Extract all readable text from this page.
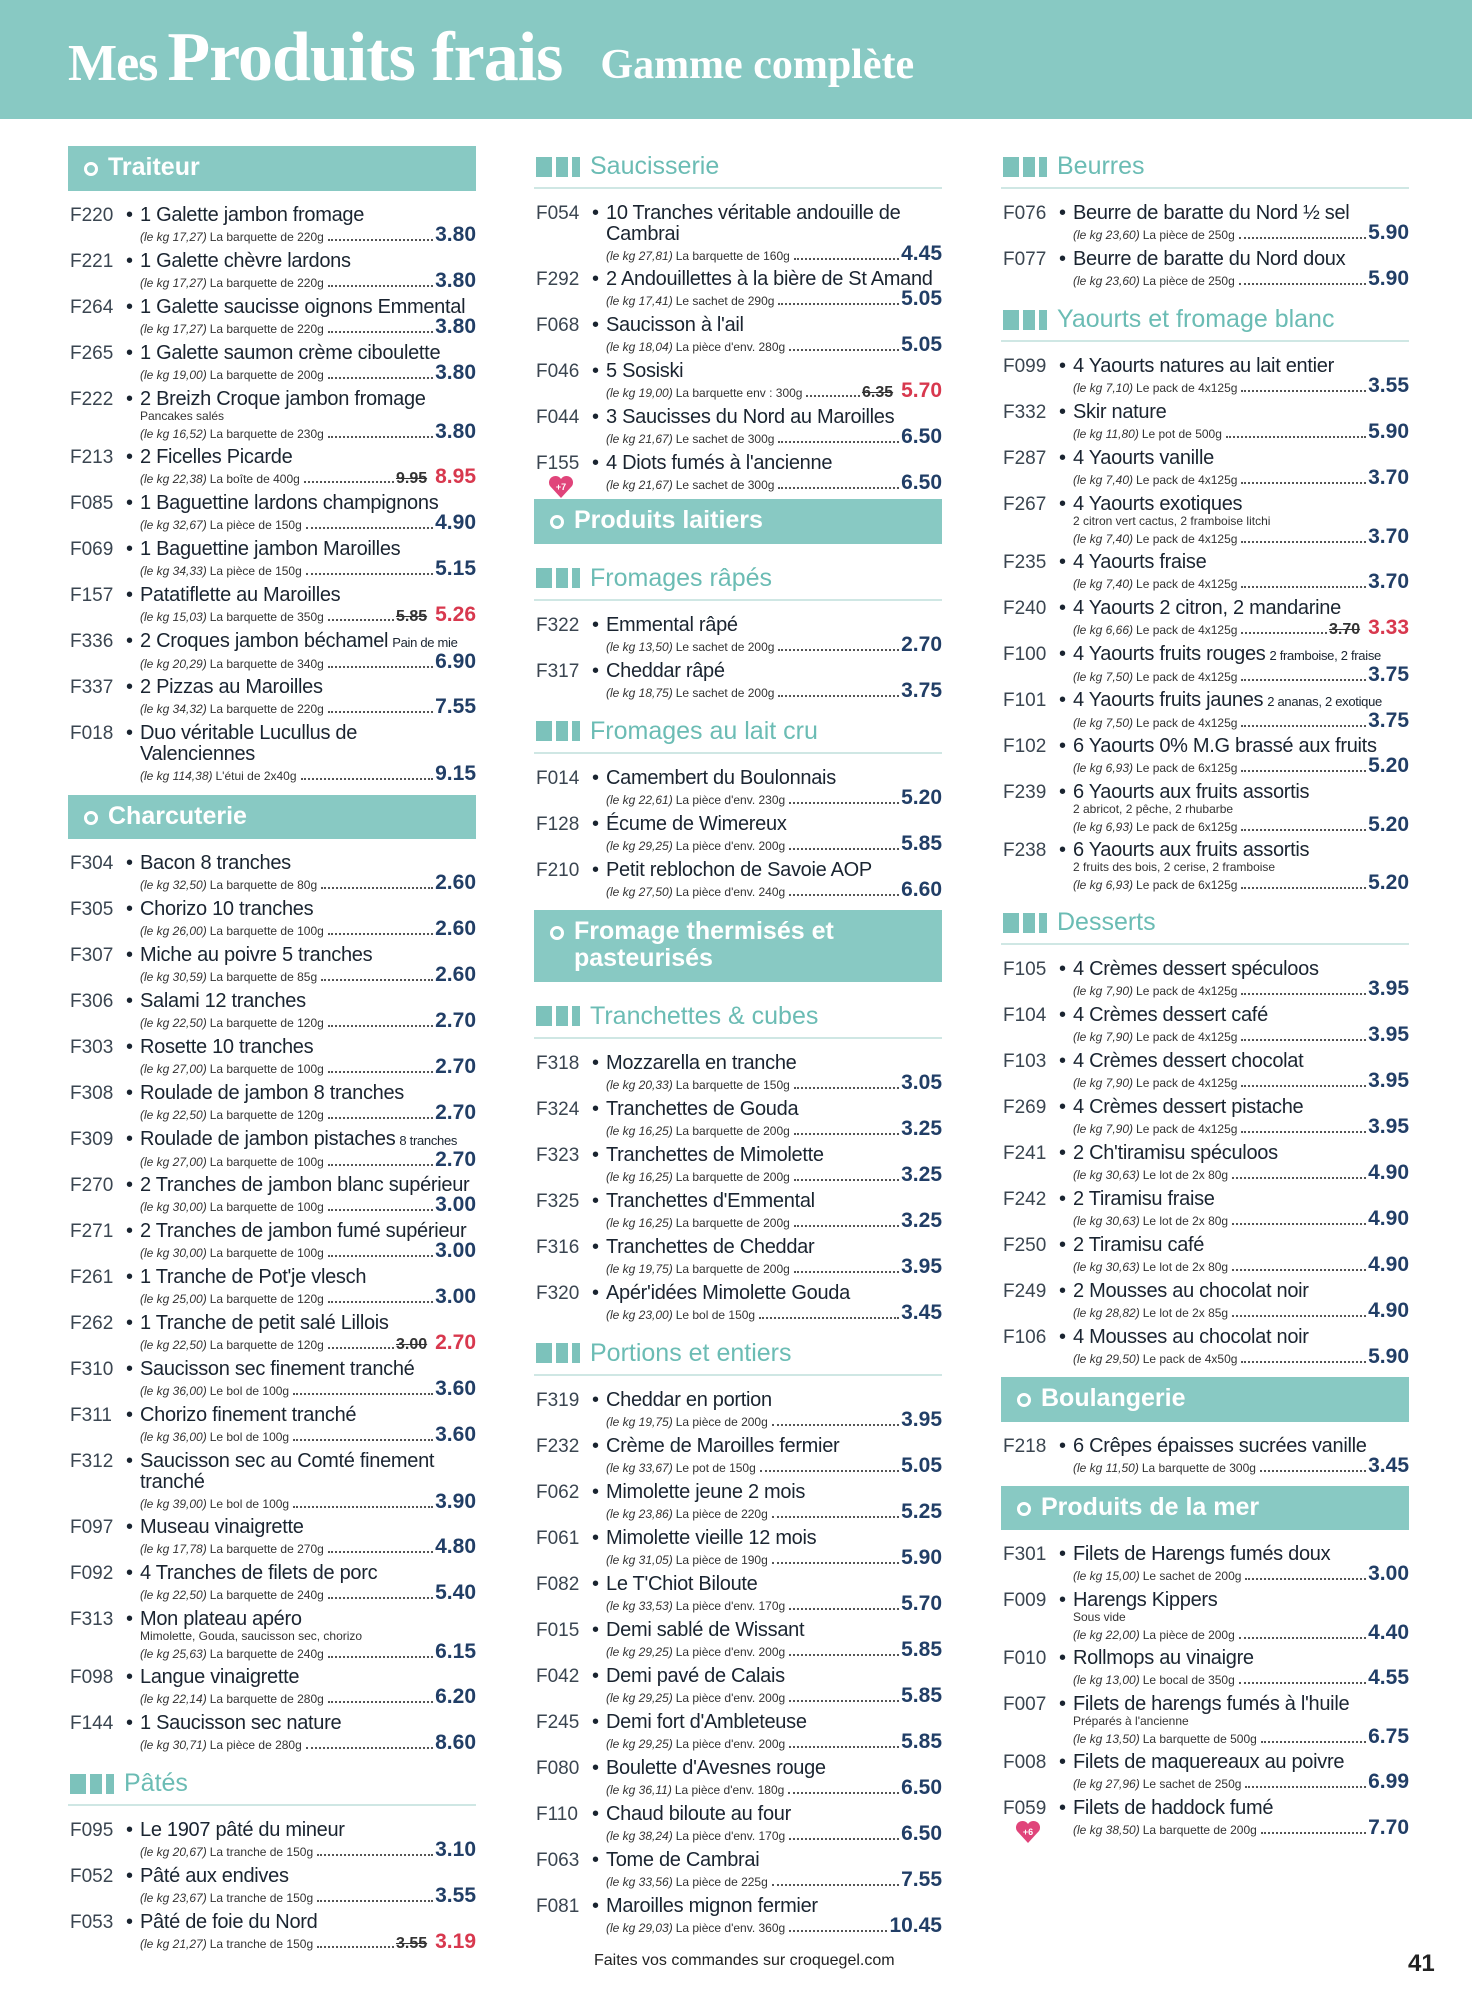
Mes Produits frais Gamme complète
Traiteur
F220 • 1 Galette jambon fromage
(le kg 17,27) La barquette de 220g	3.80
F221 • 1 Galette chèvre lardons
(le kg 17,27) La barquette de 220g	3.80
F264 • 1 Galette saucisse oignons Emmental
(le kg 17,27) La barquette de 220g	3.80
F265 • 1 Galette saumon crème ciboulette
(le kg 19,00) La barquette de 200g	3.80
F222 • 2 Breizh Croque jambon fromage
Pancakes salés
(le kg 16,52) La barquette de 230g	3.80
F213 • 2 Ficelles Picarde
(le kg 22,38) La boîte de 400g	9.95 8.95
F085 • 1 Baguettine lardons champignons
(le kg 32,67) La pièce de 150g	4.90
F069 • 1 Baguettine jambon Maroilles
(le kg 34,33) La pièce de 150g	5.15
F157 • Patatiflette au Maroilles
(le kg 15,03) La barquette de 350g	5.85 5.26
F336 • 2 Croques jambon béchamel Pain de mie
(le kg 20,29) La barquette de 340g	6.90
F337 • 2 Pizzas au Maroilles
(le kg 34,32) La barquette de 220g	7.55
F018 • Duo véritable Lucullus de Valenciennes
(le kg 114,38) L'étui de 2x40g	9.15
Charcuterie
F304 • Bacon 8 tranches
(le kg 32,50) La barquette de 80g	2.60
F305 • Chorizo 10 tranches
(le kg 26,00) La barquette de 100g	2.60
F307 • Miche au poivre 5 tranches
(le kg 30,59) La barquette de 85g	2.60
F306 • Salami 12 tranches
(le kg 22,50) La barquette de 120g	2.70
F303 • Rosette 10 tranches
(le kg 27,00) La barquette de 100g	2.70
F308 • Roulade de jambon 8 tranches
(le kg 22,50) La barquette de 120g	2.70
F309 • Roulade de jambon pistaches 8 tranches
(le kg 27,00) La barquette de 100g	2.70
F270 • 2 Tranches de jambon blanc supérieur
(le kg 30,00) La barquette de 100g	3.00
F271 • 2 Tranches de jambon fumé supérieur
(le kg 30,00) La barquette de 100g	3.00
F261 • 1 Tranche de Pot'je vlesch
(le kg 25,00) La barquette de 120g	3.00
F262 • 1 Tranche de petit salé Lillois
(le kg 22,50) La barquette de 120g	3.00 2.70
F310 • Saucisson sec finement tranché
(le kg 36,00) Le bol de 100g	3.60
F311 • Chorizo finement tranché
(le kg 36,00) Le bol de 100g	3.60
F312 • Saucisson sec au Comté finement tranché
(le kg 39,00) Le bol de 100g	3.90
F097 • Museau vinaigrette
(le kg 17,78) La barquette de 270g	4.80
F092 • 4 Tranches de filets de porc
(le kg 22,50) La barquette de 240g	5.40
F313 • Mon plateau apéro
Mimolette, Gouda, saucisson sec, chorizo
(le kg 25,63) La barquette de 240g	6.15
F098 • Langue vinaigrette
(le kg 22,14) La barquette de 280g	6.20
F144 • 1 Saucisson sec nature
(le kg 30,71) La pièce de 280g	8.60
Pâtés
F095 • Le 1907 pâté du mineur
(le kg 20,67) La tranche de 150g	3.10
F052 • Pâté aux endives
(le kg 23,67) La tranche de 150g	3.55
F053 • Pâté de foie du Nord
(le kg 21,27) La tranche de 150g	3.55 3.19
Saucisserie
F054 • 10 Tranches véritable andouille de Cambrai
(le kg 27,81) La barquette de 160g	4.45
F292 • 2 Andouillettes à la bière de St Amand
(le kg 17,41) Le sachet de 290g	5.05
F068 • Saucisson à l'ail
(le kg 18,04) La pièce d'env. 280g	5.05
F046 • 5 Sosiski
(le kg 19,00) La barquette env : 300g	6.35 5.70
F044 • 3 Saucisses du Nord au Maroilles
(le kg 21,67) Le sachet de 300g	6.50
F155
+7
• 4 Diots fumés à l'ancienne
(le kg 21,67) Le sachet de 300g	6.50
Produits laitiers
Fromages râpés
F322 • Emmental râpé
(le kg 13,50) Le sachet de 200g	2.70
F317 • Cheddar râpé
(le kg 18,75) Le sachet de 200g	3.75
Fromages au lait cru
F014 • Camembert du Boulonnais
(le kg 22,61) La pièce d'env. 230g	5.20
F128 • Écume de Wimereux
(le kg 29,25) La pièce d'env. 200g	5.85
F210 • Petit reblochon de Savoie AOP
(le kg 27,50) La pièce d'env. 240g	6.60
Fromage thermisés et pasteurisés
Tranchettes & cubes
F318 • Mozzarella en tranche
(le kg 20,33) La barquette de 150g	3.05
F324 • Tranchettes de Gouda
(le kg 16,25) La barquette de 200g	3.25
F323 • Tranchettes de Mimolette
(le kg 16,25) La barquette de 200g	3.25
F325 • Tranchettes d'Emmental
(le kg 16,25) La barquette de 200g	3.25
F316 • Tranchettes de Cheddar
(le kg 19,75) La barquette de 200g	3.95
F320 • Apér'idées Mimolette Gouda
(le kg 23,00) Le bol de 150g	3.45
Portions et entiers
F319 • Cheddar en portion
(le kg 19,75) La pièce de 200g	3.95
F232 • Crème de Maroilles fermier
(le kg 33,67) Le pot de 150g	5.05
F062 • Mimolette jeune 2 mois
(le kg 23,86) La pièce de 220g	5.25
F061 • Mimolette vieille 12 mois
(le kg 31,05) La pièce de 190g	5.90
F082 • Le T'Chiot Biloute
(le kg 33,53) La pièce d'env. 170g	5.70
F015 • Demi sablé de Wissant
(le kg 29,25) La pièce d'env. 200g	5.85
F042 • Demi pavé de Calais
(le kg 29,25) La pièce d'env. 200g	5.85
F245 • Demi fort d'Ambleteuse
(le kg 29,25) La pièce d'env. 200g	5.85
F080 • Boulette d'Avesnes rouge
(le kg 36,11) La pièce d'env. 180g	6.50
F110 • Chaud biloute au four
(le kg 38,24) La pièce d'env. 170g	6.50
F063 • Tome de Cambrai
(le kg 33,56) La pièce de 225g	7.55
F081 • Maroilles mignon fermier
(le kg 29,03) La pièce d'env. 360g	10.45
Beurres
F076 • Beurre de baratte du Nord ½ sel
(le kg 23,60) La pièce de 250g	5.90
F077 • Beurre de baratte du Nord doux
(le kg 23,60) La pièce de 250g	5.90
Yaourts et fromage blanc
F099 • 4 Yaourts natures au lait entier
(le kg 7,10) Le pack de 4x125g	3.55
F332 • Skir nature
(le kg 11,80) Le pot de 500g	5.90
F287 • 4 Yaourts vanille
(le kg 7,40) Le pack de 4x125g	3.70
F267 • 4 Yaourts exotiques
2 citron vert cactus, 2 framboise litchi
(le kg 7,40) Le pack de 4x125g	3.70
F235 • 4 Yaourts fraise
(le kg 7,40) Le pack de 4x125g	3.70
F240 • 4 Yaourts 2 citron, 2 mandarine
(le kg 6,66) Le pack de 4x125g	3.70 3.33
F100 • 4 Yaourts fruits rouges 2 framboise, 2 fraise
(le kg 7,50) Le pack de 4x125g	3.75
F101 • 4 Yaourts fruits jaunes 2 ananas, 2 exotique
(le kg 7,50) Le pack de 4x125g	3.75
F102 • 6 Yaourts 0% M.G brassé aux fruits
(le kg 6,93) Le pack de 6x125g	5.20
F239 • 6 Yaourts aux fruits assortis
2 abricot, 2 pêche, 2 rhubarbe
(le kg 6,93) Le pack de 6x125g	5.20
F238 • 6 Yaourts aux fruits assortis
2 fruits des bois, 2 cerise, 2 framboise
(le kg 6,93) Le pack de 6x125g	5.20
Desserts
F105 • 4 Crèmes dessert spéculoos
(le kg 7,90) Le pack de 4x125g	3.95
F104 • 4 Crèmes dessert café
(le kg 7,90) Le pack de 4x125g	3.95
F103 • 4 Crèmes dessert chocolat
(le kg 7,90) Le pack de 4x125g	3.95
F269 • 4 Crèmes dessert pistache
(le kg 7,90) Le pack de 4x125g	3.95
F241 • 2 Ch'tiramisu spéculoos
(le kg 30,63) Le lot de 2x 80g	4.90
F242 • 2 Tiramisu fraise
(le kg 30,63) Le lot de 2x 80g	4.90
F250 • 2 Tiramisu café
(le kg 30,63) Le lot de 2x 80g	4.90
F249 • 2 Mousses au chocolat noir
(le kg 28,82) Le lot de 2x 85g	4.90
F106 • 4 Mousses au chocolat noir
(le kg 29,50) Le pack de 4x50g	5.90
Boulangerie
F218 • 6 Crêpes épaisses sucrées vanille
(le kg 11,50) La barquette de 300g	3.45
Produits de la mer
F301 • Filets de Harengs fumés doux
(le kg 15,00) Le sachet de 200g	3.00
F009 • Harengs Kippers
Sous vide
(le kg 22,00) La pièce de 200g	4.40
F010 • Rollmops au vinaigre
(le kg 13,00) Le bocal de 350g	4.55
F007 • Filets de harengs fumés à l'huile
Préparés à l'ancienne
(le kg 13,50) La barquette de 500g	6.75
F008 • Filets de maquereaux au poivre
(le kg 27,96) Le sachet de 250g	6.99
F059
+6
• Filets de haddock fumé
(le kg 38,50) La barquette de 200g	7.70
Faites vos commandes sur croquegel.com	41
